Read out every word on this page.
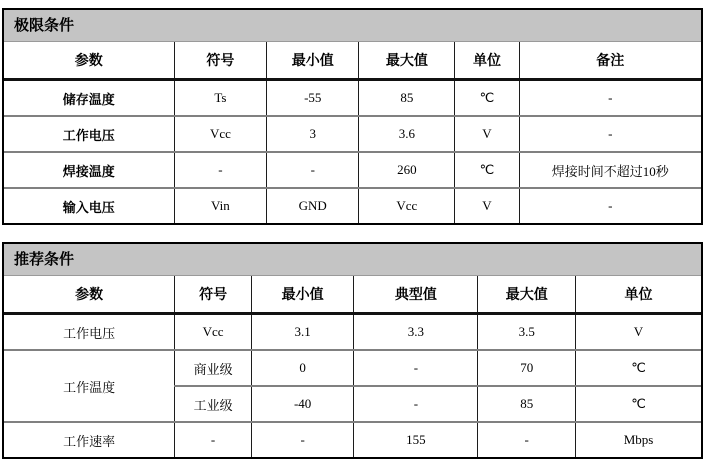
极限条件
参数	符号	最小值	最大值	单位	备注
储存温度	Ts	-55	85	℃	-
工作电压	Vcc	3	3.6	V	-
焊接温度	-	-	260	℃	焊接时间不超过10秒
输入电压	Vin	GND	Vcc	V	-
推荐条件
参数	符号	最小值	典型值	最大值	单位
工作电压	Vcc	3.1	3.3	3.5	V
工作温度	商业级	0	-	70	℃
	工业级	-40	-	85	℃
工作速率	-	-	155	-	Mbps
